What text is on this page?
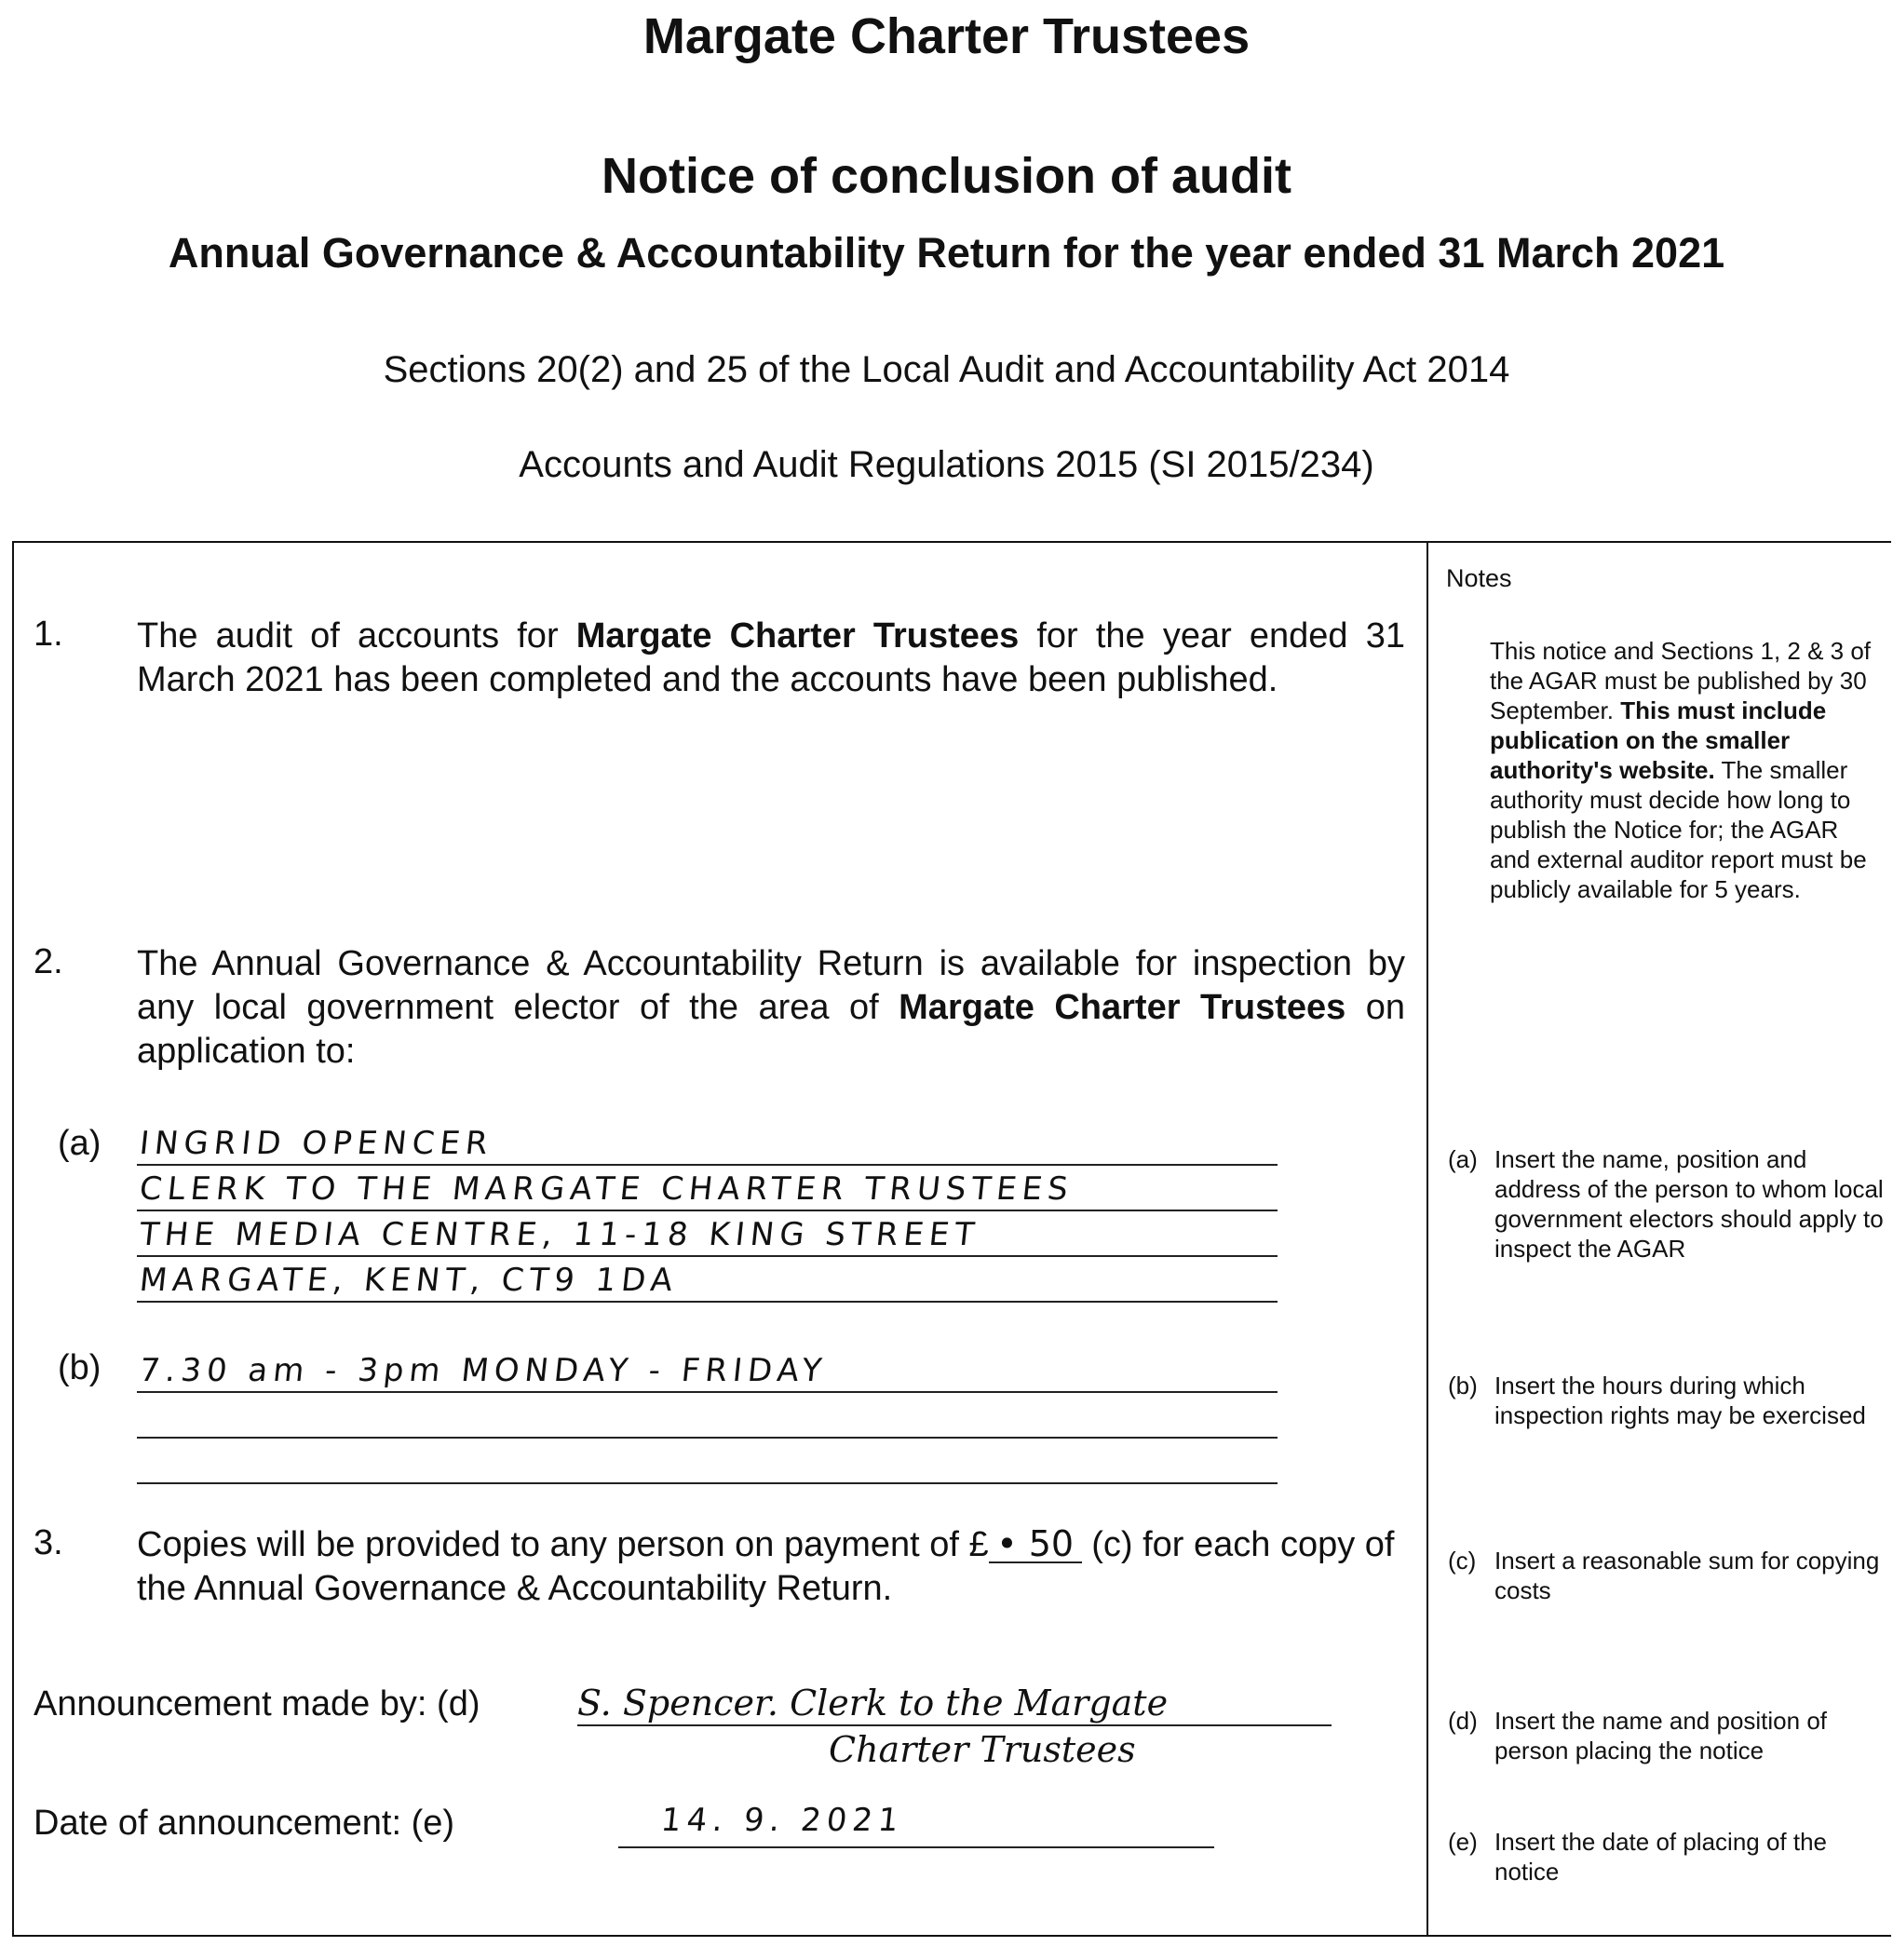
Margate Charter Trustees
Notice of conclusion of audit
Annual Governance & Accountability Return for the year ended 31 March 2021
Sections 20(2) and 25 of the Local Audit and Accountability Act 2014
Accounts and Audit Regulations 2015 (SI 2015/234)
1. The audit of accounts for Margate Charter Trustees for the year ended 31 March 2021 has been completed and the accounts have been published.
2. The Annual Governance & Accountability Return is available for inspection by any local government elector of the area of Margate Charter Trustees on application to:
(a) INGRID OPENCER
CLERK TO THE MARGATE CHARTER TRUSTEES
THE MEDIA CENTRE, 11-18 KING STREET
MARGATE, KENT, CT9 1DA
(b) 7.30 am - 3pm MONDAY - FRIDAY
3. Copies will be provided to any person on payment of £ • 50 (c) for each copy of the Annual Governance & Accountability Return.
Announcement made by: (d)	S. Spencer. Clerk to the Margate
Charter Trustees
Date of announcement: (e)	14. 9. 2021
Notes
This notice and Sections 1, 2 & 3 of the AGAR must be published by 30 September. This must include publication on the smaller authority's website. The smaller authority must decide how long to publish the Notice for; the AGAR and external auditor report must be publicly available for 5 years.
(a) Insert the name, position and address of the person to whom local government electors should apply to inspect the AGAR
(b) Insert the hours during which inspection rights may be exercised
(c) Insert a reasonable sum for copying costs
(d) Insert the name and position of person placing the notice
(e) Insert the date of placing of the notice
